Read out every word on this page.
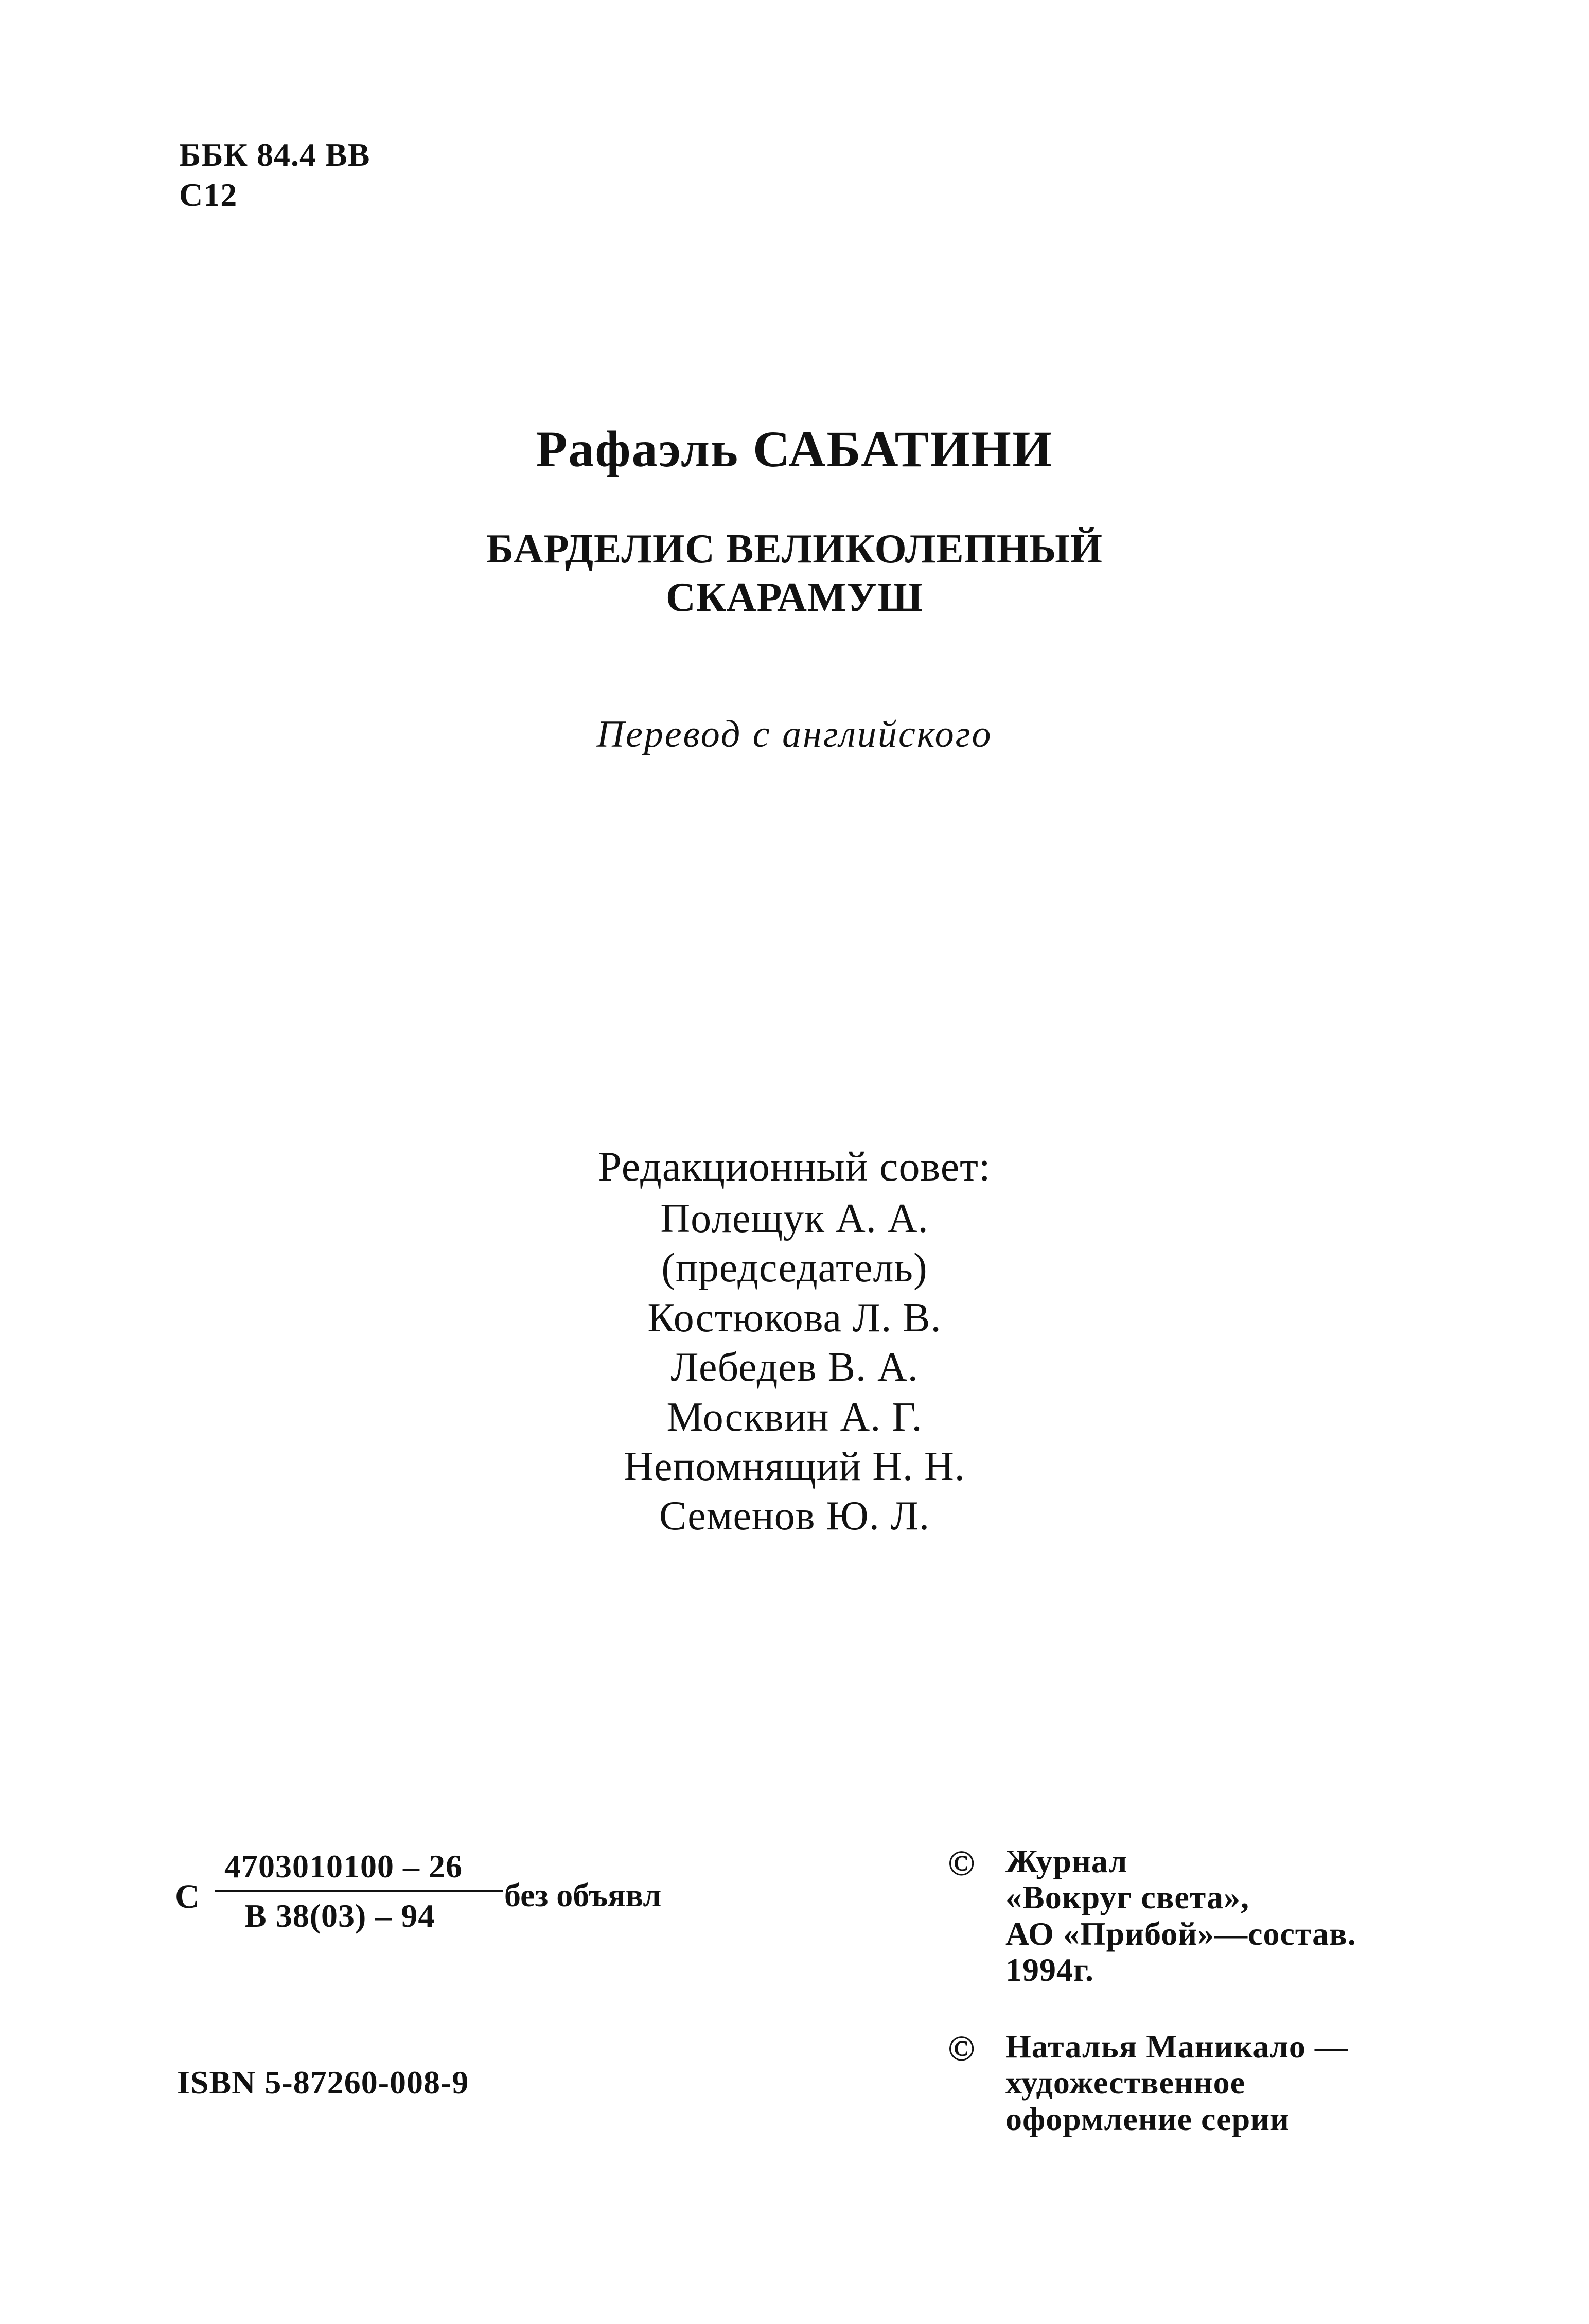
ББК 84.4 ВВ
С12
Рафаэль САБАТИНИ
БАРДЕЛИС ВЕЛИКОЛЕПНЫЙ
СКАРАМУШ
Перевод с английского
Редакционный совет:
Полещук А. А.
(председатель)
Костюкова Л. В.
Лебедев В. А.
Москвин А. Г.
Непомнящий Н. Н.
Семенов Ю. Л.
С
4703010100 – 26
В 38(03) – 94
без объявл
ISBN 5-87260-008-9
© Журнал
«Вокруг света»,
АО «Прибой»—состав.
1994г.
© Наталья Маникало —
художественное
оформление серии
